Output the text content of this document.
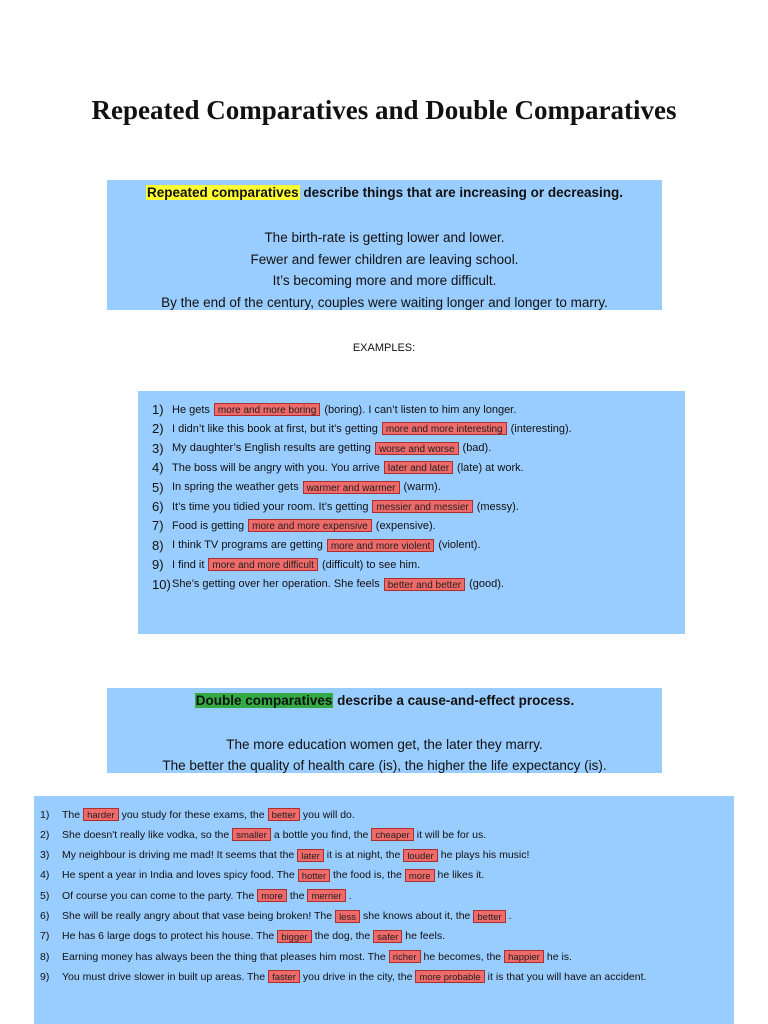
Repeated Comparatives and Double Comparatives
Repeated comparatives describe things that are increasing or decreasing.
The birth-rate is getting lower and lower.
Fewer and fewer children are leaving school.
It’s becoming more and more difficult.
By the end of the century, couples were waiting longer and longer to marry.
EXAMPLES:
1) He gets more and more boring (boring). I can’t listen to him any longer.
2) I didn’t like this book at first, but it’s getting more and more interesting (interesting).
3) My daughter’s English results are getting worse and worse (bad).
4) The boss will be angry with you. You arrive later and later (late) at work.
5) In spring the weather gets warmer and warmer (warm).
6) It’s time you tidied your room. It’s getting messier and messier (messy).
7) Food is getting more and more expensive (expensive).
8) I think TV programs are getting more and more violent (violent).
9) I find it more and more difficult (difficult) to see him.
10) She’s getting over her operation. She feels better and better (good).
Double comparatives describe a cause-and-effect process.
The more education women get, the later they marry.
The better the quality of health care (is), the higher the life expectancy (is).
1)	The harder you study for these exams, the better you will do.
2)	She doesn't really like vodka, so the smaller a bottle you find, the cheaper it will be for us.
3)	My neighbour is driving me mad! It seems that the later it is at night, the louder he plays his music!
4)	He spent a year in India and loves spicy food. The hotter the food is, the more he likes it.
5)	Of course you can come to the party. The more the merrier .
6)	She will be really angry about that vase being broken! The less she knows about it, the better .
7)	He has 6 large dogs to protect his house. The bigger the dog, the safer he feels.
8)	Earning money has always been the thing that pleases him most. The richer he becomes, the happier he is.
9)	You must drive slower in built up areas. The faster you drive in the city, the more probable it is that you will have an accident.
